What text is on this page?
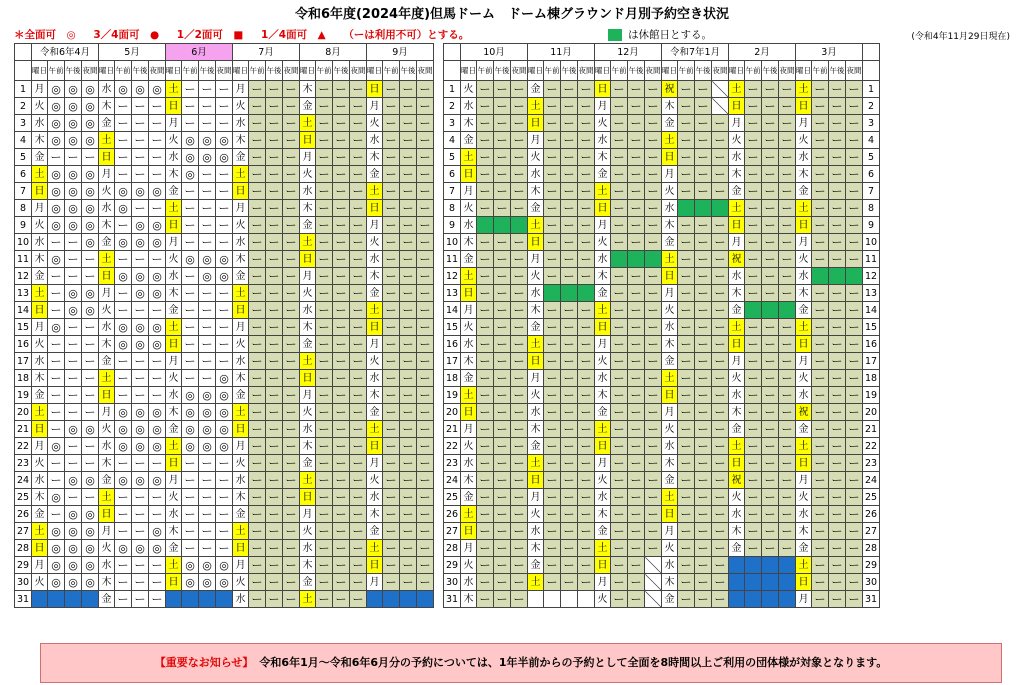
令和6年度(2024年度)但馬ドーム　ドーム棟グラウンド月別予約空き状況
＊全面可　◎ 3／4面可　● 1／2面可　■ 1／4面可　▲ （ーは利用不可）とする。	は休館日とする。	(令和4年11月29日現在)
	令和6年4月				5月				6月				7月				8月				9月						10月				11月				12月				令和7年1月				2月				3月				
	曜日	午前	午後	夜間	曜日	午前	午後	夜間	曜日	午前	午後	夜間	曜日	午前	午後	夜間	曜日	午前	午後	夜間	曜日	午前	午後	夜間			曜日	午前	午後	夜間	曜日	午前	午後	夜間	曜日	午前	午後	夜間	曜日	午前	午後	夜間	曜日	午前	午後	夜間	曜日	午前	午後	夜間	
1	月	◎	◎	◎	水	◎	◎	◎	土	ー	ー	ー	月	ー	ー	ー	木	ー	ー	ー	日	ー	ー	ー		1	火	ー	ー	ー	金	ー	ー	ー	日	ー	ー	ー	祝	ー	ー		土	ー	ー	ー	土	ー	ー	ー	1
2	火	◎	◎	◎	木	ー	ー	ー	日	ー	ー	ー	火	ー	ー	ー	金	ー	ー	ー	月	ー	ー	ー		2	水	ー	ー	ー	土	ー	ー	ー	月	ー	ー	ー	木	ー	ー		日	ー	ー	ー	日	ー	ー	ー	2
3	水	◎	◎	◎	金	ー	ー	ー	月	ー	ー	ー	水	ー	ー	ー	土	ー	ー	ー	火	ー	ー	ー		3	木	ー	ー	ー	日	ー	ー	ー	火	ー	ー	ー	金	ー	ー	ー	月	ー	ー	ー	月	ー	ー	ー	3
4	木	◎	◎	◎	土	ー	ー	ー	火	◎	◎	◎	木	ー	ー	ー	日	ー	ー	ー	水	ー	ー	ー		4	金	ー	ー	ー	月	ー	ー	ー	水	ー	ー	ー	土	ー	ー	ー	火	ー	ー	ー	火	ー	ー	ー	4
5	金	ー	ー	ー	日	ー	ー	ー	水	◎	◎	◎	金	ー	ー	ー	月	ー	ー	ー	木	ー	ー	ー		5	土	ー	ー	ー	火	ー	ー	ー	木	ー	ー	ー	日	ー	ー	ー	水	ー	ー	ー	水	ー	ー	ー	5
6	土	◎	◎	◎	月	ー	ー	ー	木	◎	ー	ー	土	ー	ー	ー	火	ー	ー	ー	金	ー	ー	ー		6	日	ー	ー	ー	水	ー	ー	ー	金	ー	ー	ー	月	ー	ー	ー	木	ー	ー	ー	木	ー	ー	ー	6
7	日	◎	◎	◎	火	◎	◎	◎	金	ー	ー	ー	日	ー	ー	ー	水	ー	ー	ー	土	ー	ー	ー		7	月	ー	ー	ー	木	ー	ー	ー	土	ー	ー	ー	火	ー	ー	ー	金	ー	ー	ー	金	ー	ー	ー	7
8	月	◎	◎	◎	水	◎	ー	ー	土	ー	ー	ー	月	ー	ー	ー	木	ー	ー	ー	日	ー	ー	ー		8	火	ー	ー	ー	金	ー	ー	ー	日	ー	ー	ー	水				土	ー	ー	ー	土	ー	ー	ー	8
9	火	◎	◎	◎	木	ー	◎	◎	日	ー	ー	ー	火	ー	ー	ー	金	ー	ー	ー	月	ー	ー	ー		9	水				土	ー	ー	ー	月	ー	ー	ー	木	ー	ー	ー	日	ー	ー	ー	日	ー	ー	ー	9
10	水	ー	ー	◎	金	◎	◎	◎	月	ー	ー	ー	水	ー	ー	ー	土	ー	ー	ー	火	ー	ー	ー		10	木	ー	ー	ー	日	ー	ー	ー	火	ー	ー	ー	金	ー	ー	ー	月	ー	ー	ー	月	ー	ー	ー	10
11	木	◎	ー	ー	土	ー	ー	ー	火	◎	◎	◎	木	ー	ー	ー	日	ー	ー	ー	水	ー	ー	ー		11	金	ー	ー	ー	月	ー	ー	ー	水				土	ー	ー	ー	祝	ー	ー	ー	火	ー	ー	ー	11
12	金	ー	ー	ー	日	◎	◎	◎	水	ー	◎	◎	金	ー	ー	ー	月	ー	ー	ー	木	ー	ー	ー		12	土	ー	ー	ー	火	ー	ー	ー	木	ー	ー	ー	日	ー	ー	ー	水	ー	ー	ー	水				12
13	土	ー	◎	◎	月	ー	◎	◎	木	ー	ー	ー	土	ー	ー	ー	火	ー	ー	ー	金	ー	ー	ー		13	日	ー	ー	ー	水				金	ー	ー	ー	月	ー	ー	ー	木	ー	ー	ー	木	ー	ー	ー	13
14	日	ー	◎	◎	火	ー	ー	ー	金	ー	ー	ー	日	ー	ー	ー	水	ー	ー	ー	土	ー	ー	ー		14	月	ー	ー	ー	木	ー	ー	ー	土	ー	ー	ー	火	ー	ー	ー	金				金	ー	ー	ー	14
15	月	◎	ー	ー	水	◎	◎	◎	土	ー	ー	ー	月	ー	ー	ー	木	ー	ー	ー	日	ー	ー	ー		15	火	ー	ー	ー	金	ー	ー	ー	日	ー	ー	ー	水	ー	ー	ー	土	ー	ー	ー	土	ー	ー	ー	15
16	火	ー	ー	ー	木	◎	◎	◎	日	ー	ー	ー	火	ー	ー	ー	金	ー	ー	ー	月	ー	ー	ー		16	水	ー	ー	ー	土	ー	ー	ー	月	ー	ー	ー	木	ー	ー	ー	日	ー	ー	ー	日	ー	ー	ー	16
17	水	ー	ー	ー	金	ー	ー	ー	月	ー	ー	ー	水	ー	ー	ー	土	ー	ー	ー	火	ー	ー	ー		17	木	ー	ー	ー	日	ー	ー	ー	火	ー	ー	ー	金	ー	ー	ー	月	ー	ー	ー	月	ー	ー	ー	17
18	木	ー	ー	ー	土	ー	ー	ー	火	ー	ー	◎	木	ー	ー	ー	日	ー	ー	ー	水	ー	ー	ー		18	金	ー	ー	ー	月	ー	ー	ー	水	ー	ー	ー	土	ー	ー	ー	火	ー	ー	ー	火	ー	ー	ー	18
19	金	ー	ー	ー	日	ー	ー	ー	水	◎	◎	◎	金	ー	ー	ー	月	ー	ー	ー	木	ー	ー	ー		19	土	ー	ー	ー	火	ー	ー	ー	木	ー	ー	ー	日	ー	ー	ー	水	ー	ー	ー	水	ー	ー	ー	19
20	土	ー	ー	ー	月	◎	◎	◎	木	◎	◎	◎	土	ー	ー	ー	火	ー	ー	ー	金	ー	ー	ー		20	日	ー	ー	ー	水	ー	ー	ー	金	ー	ー	ー	月	ー	ー	ー	木	ー	ー	ー	祝	ー	ー	ー	20
21	日	ー	◎	◎	火	◎	◎	◎	金	◎	◎	◎	日	ー	ー	ー	水	ー	ー	ー	土	ー	ー	ー		21	月	ー	ー	ー	木	ー	ー	ー	土	ー	ー	ー	火	ー	ー	ー	金	ー	ー	ー	金	ー	ー	ー	21
22	月	◎	ー	ー	水	◎	◎	◎	土	◎	◎	◎	月	ー	ー	ー	木	ー	ー	ー	日	ー	ー	ー		22	火	ー	ー	ー	金	ー	ー	ー	日	ー	ー	ー	水	ー	ー	ー	土	ー	ー	ー	土	ー	ー	ー	22
23	火	ー	ー	ー	木	ー	ー	ー	日	ー	ー	ー	火	ー	ー	ー	金	ー	ー	ー	月	ー	ー	ー		23	水	ー	ー	ー	土	ー	ー	ー	月	ー	ー	ー	木	ー	ー	ー	日	ー	ー	ー	日	ー	ー	ー	23
24	水	ー	◎	◎	金	◎	◎	◎	月	ー	ー	ー	水	ー	ー	ー	土	ー	ー	ー	火	ー	ー	ー		24	木	ー	ー	ー	日	ー	ー	ー	火	ー	ー	ー	金	ー	ー	ー	祝	ー	ー	ー	月	ー	ー	ー	24
25	木	◎	ー	ー	土	ー	ー	ー	火	ー	ー	ー	木	ー	ー	ー	日	ー	ー	ー	水	ー	ー	ー		25	金	ー	ー	ー	月	ー	ー	ー	水	ー	ー	ー	土	ー	ー	ー	火	ー	ー	ー	火	ー	ー	ー	25
26	金	ー	◎	◎	日	ー	ー	ー	水	ー	ー	ー	金	ー	ー	ー	月	ー	ー	ー	木	ー	ー	ー		26	土	ー	ー	ー	火	ー	ー	ー	木	ー	ー	ー	日	ー	ー	ー	水	ー	ー	ー	水	ー	ー	ー	26
27	土	◎	◎	◎	月	ー	ー	◎	木	ー	ー	ー	土	ー	ー	ー	火	ー	ー	ー	金	ー	ー	ー		27	日	ー	ー	ー	水	ー	ー	ー	金	ー	ー	ー	月	ー	ー	ー	木	ー	ー	ー	木	ー	ー	ー	27
28	日	◎	◎	◎	火	◎	◎	◎	金	ー	ー	ー	日	ー	ー	ー	水	ー	ー	ー	土	ー	ー	ー		28	月	ー	ー	ー	木	ー	ー	ー	土	ー	ー	ー	火	ー	ー	ー	金	ー	ー	ー	金	ー	ー	ー	28
29	月	◎	◎	◎	水	ー	ー	ー	土	◎	◎	◎	月	ー	ー	ー	木	ー	ー	ー	日	ー	ー	ー		29	火	ー	ー	ー	金	ー	ー	ー	日	ー	ー		水	ー	ー	ー					土	ー	ー	ー	29
30	火	◎	◎	◎	木	ー	ー	ー	日	◎	◎	◎	火	ー	ー	ー	金	ー	ー	ー	月	ー	ー	ー		30	水	ー	ー	ー	土	ー	ー	ー	月	ー	ー		木	ー	ー	ー					日	ー	ー	ー	30
31					金	ー	ー	ー					水	ー	ー	ー	土	ー	ー	ー						31	木	ー	ー	ー					火	ー	ー		金	ー	ー	ー					月	ー	ー	ー	31
【重要なお知らせ】 令和6年1月～令和6年6月分の予約については、1年半前からの予約として全面を8時間以上ご利用の団体様が対象となります。
